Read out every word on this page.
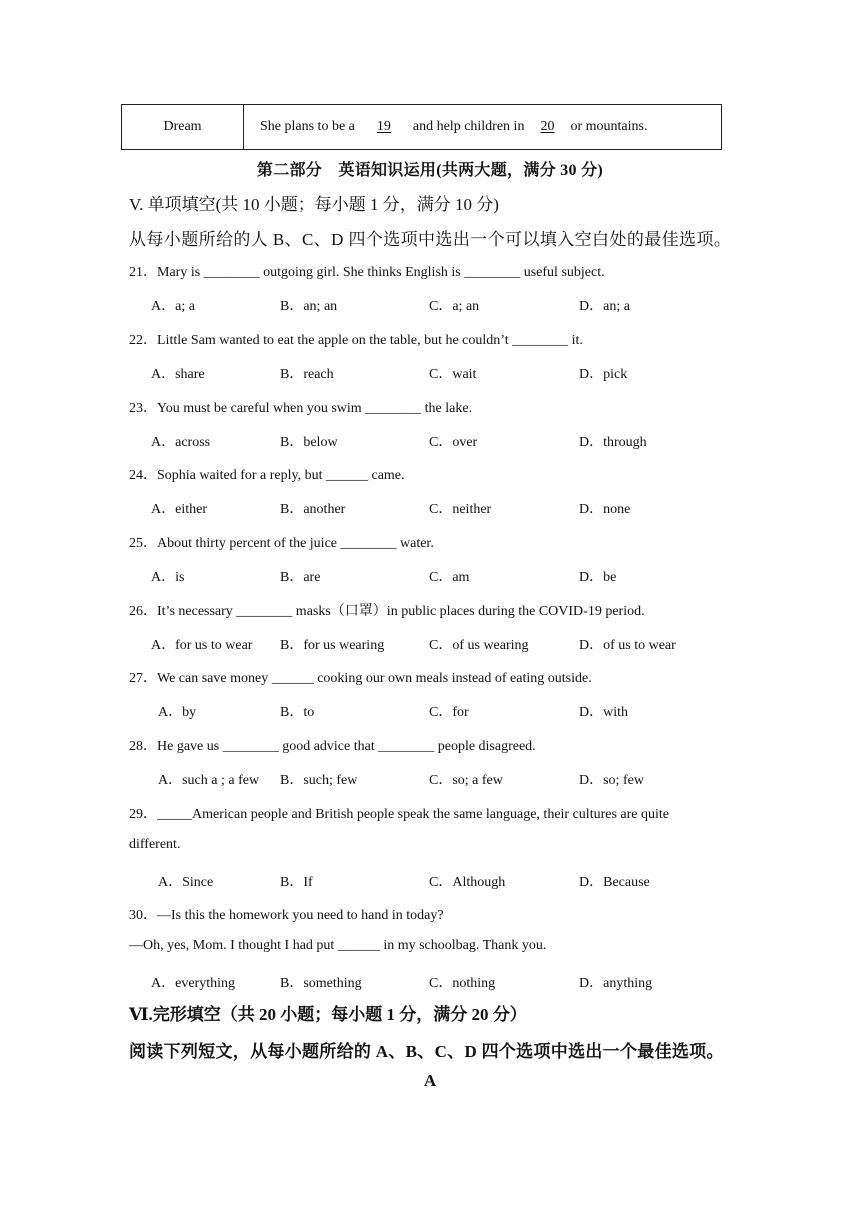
Dream	She plans to be a 19 and help children in 20 or mountains.
第二部分　英语知识运用(共两大题，满分 30 分)
V. 单项填空(共 10 小题；每小题 1 分，满分 10 分)
从每小题所给的人 B、C、D 四个选项中选出一个可以填入空白处的最佳选项。
21．Mary is ________ outgoing girl. She thinks English is ________ useful subject.
A．a; a	B．an; an	C．a; an	D．an; a
22．Little Sam wanted to eat the apple on the table, but he couldn’t ________ it.
A．share	B．reach	C．wait	D．pick
23．You must be careful when you swim ________ the lake.
A．across	B．below	C．over	D．through
24．Sophia waited for a reply, but ______ came.
A．either	B．another	C．neither	D．none
25．About thirty percent of the juice ________ water.
A．is	B．are	C．am	D．be
26．It’s necessary ________ masks（口罩）in public places during the COVID-19 period.
A．for us to wear B．for us wearing	C．of us wearing	D．of us to wear
27．We can save money ______ cooking our own meals instead of eating outside.
A．by	B．to	C．for	D．with
28．He gave us ________ good advice that ________ people disagreed.
A．such a ; a few B．such; few	C．so; a few	D．so; few
29．_____American people and British people speak the same language, their cultures are quite
different.
A．Since	B．If	C．Although	D．Because
30．—Is this the homework you need to hand in today?
—Oh, yes, Mom. I thought I had put ______ in my schoolbag. Thank you.
A．everything	B．something	C．nothing	D．anything
Ⅵ.完形填空（共 20 小题；每小题 1 分，满分 20 分）
阅读下列短文，从每小题所给的 A、B、C、D 四个选项中选出一个最佳选项。
A
